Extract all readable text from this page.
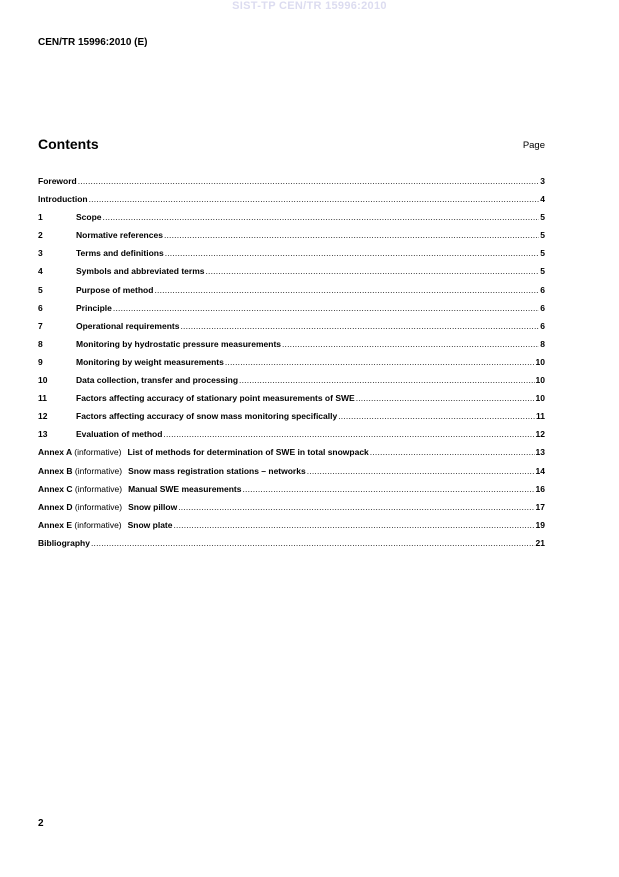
SIST-TP CEN/TR 15996:2010
CEN/TR 15996:2010 (E)
Contents	Page
Foreword .....	3
Introduction .....	4
1	Scope .....	5
2	Normative references .....	5
3	Terms and definitions .....	5
4	Symbols and abbreviated terms .....	5
5	Purpose of method .....	6
6	Principle .....	6
7	Operational requirements .....	6
8	Monitoring by hydrostatic pressure measurements .....	8
9	Monitoring by weight measurements .....	10
10	Data collection, transfer and processing .....	10
11	Factors affecting accuracy of stationary point measurements of SWE .....	10
12	Factors affecting accuracy of snow mass monitoring specifically .....	11
13	Evaluation of method .....	12
Annex A (informative) List of methods for determination of SWE in total snowpack .....	13
Annex B (informative) Snow mass registration stations – networks .....	14
Annex C (informative) Manual SWE measurements .....	16
Annex D (informative) Snow pillow .....	17
Annex E (informative) Snow plate .....	19
Bibliography .....	21
2
